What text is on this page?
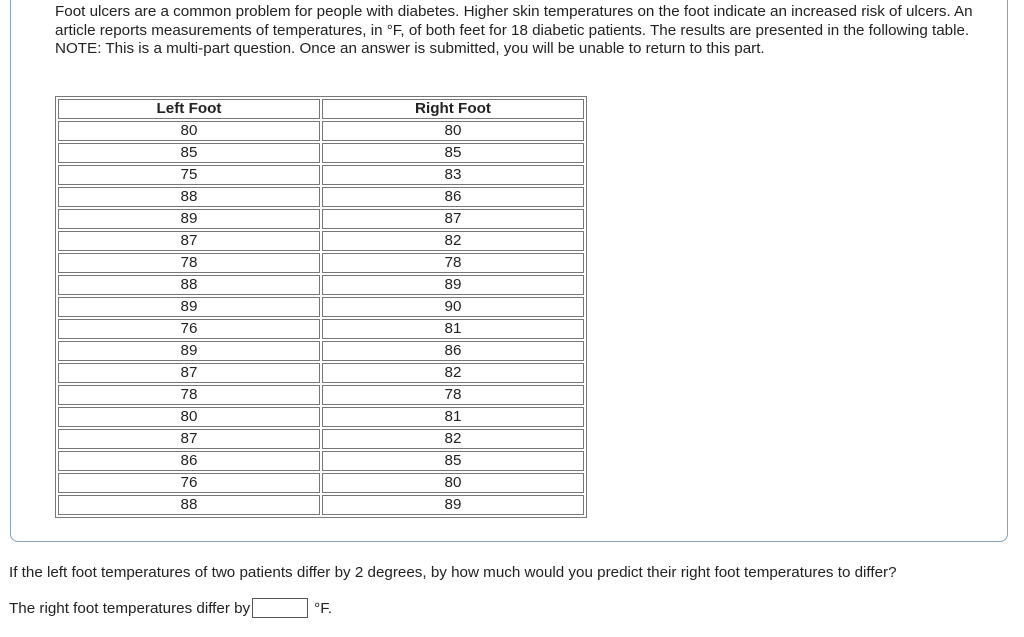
Foot ulcers are a common problem for people with diabetes. Higher skin temperatures on the foot indicate an increased risk of ulcers. An article reports measurements of temperatures, in °F, of both feet for 18 diabetic patients. The results are presented in the following table.

NOTE: This is a multi-part question. Once an answer is submitted, you will be unable to return to this part.

Left Foot	Right Foot
80	80
85	85
75	83
88	86
89	87
87	82
78	78
88	89
89	90
76	81
89	86
87	82
78	78
80	81
87	82
86	85
76	80
88	89

If the left foot temperatures of two patients differ by 2 degrees, by how much would you predict their right foot temperatures to differ?

The right foot temperatures differ by	°F.
